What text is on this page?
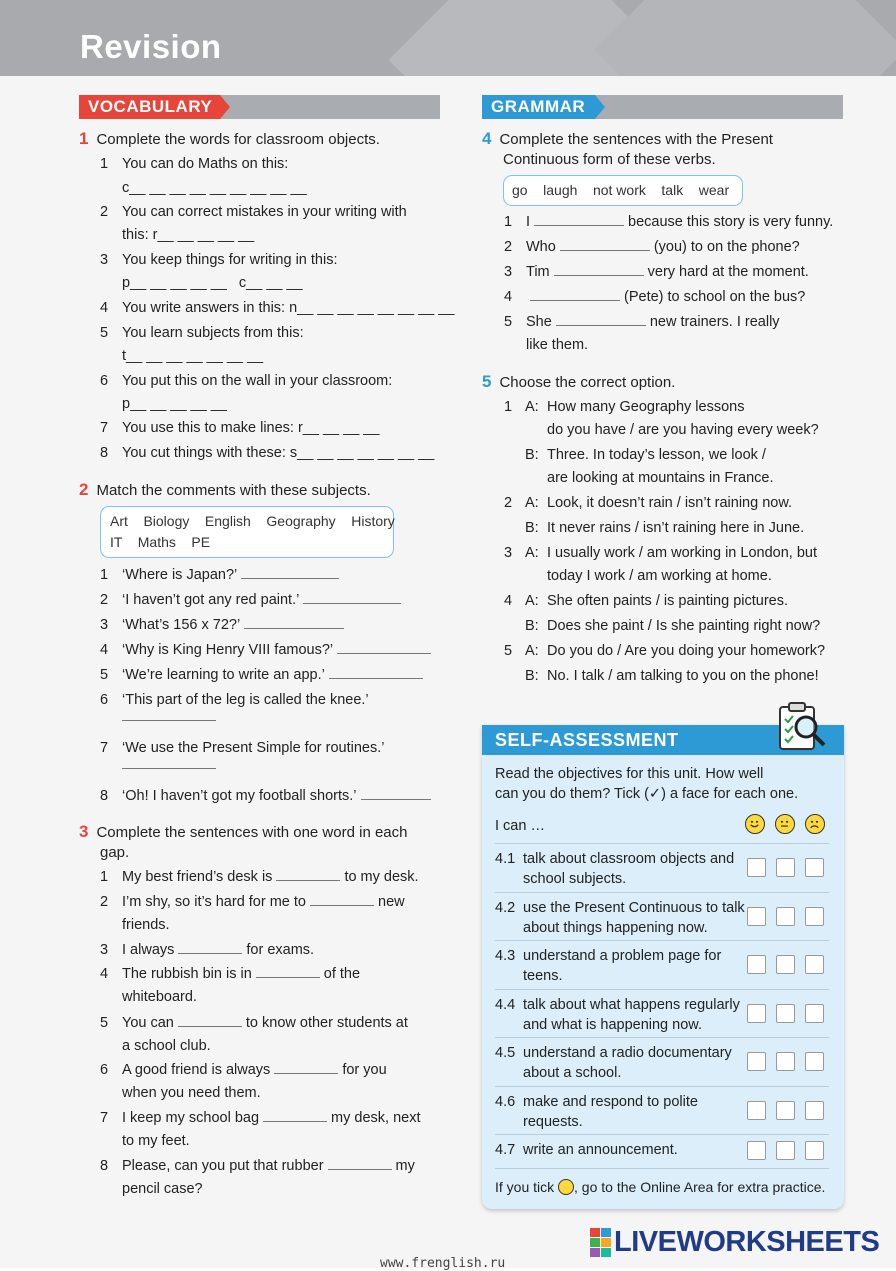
Revision
VOCABULARY
1 Complete the words for classroom objects.
1 You can do Maths on this:
c__ __ __ __ __ __ __ __ __
2 You can correct mistakes in your writing with
this: r__ __ __ __ __
3 You keep things for writing in this:
p__ __ __ __ __   c__ __ __
4 You write answers in this: n__ __ __ __ __ __ __ __
5 You learn subjects from this:
t__ __ __ __ __ __ __
6 You put this on the wall in your classroom:
p__ __ __ __ __
7 You use this to make lines: r__ __ __ __
8 You cut things with these: s__ __ __ __ __ __ __
2 Match the comments with these subjects.
Art    Biology    English    Geography    History
IT    Maths    PE
1 ‘Where is Japan?’
2 ‘I haven’t got any red paint.’
3 ‘What’s 156 x 72?’
4 ‘Why is King Henry VIII famous?’
5 ‘We’re learning to write an app.’
6 ‘This part of the leg is called the knee.’
7 ‘We use the Present Simple for routines.’
8 ‘Oh! I haven’t got my football shorts.’
3 Complete the sentences with one word in each
gap.
1 My best friend’s desk is	to my desk.
2 I’m shy, so it’s hard for me to	new
friends.
3 I always	for exams.
4 The rubbish bin is in	of the
whiteboard.
5 You can	to know other students at
a school club.
6 A good friend is always	for you
when you need them.
7 I keep my school bag	my desk, next
to my feet.
8 Please, can you put that rubber	my
pencil case?
GRAMMAR
4 Complete the sentences with the Present
Continuous form of these verbs.
go    laugh    not work    talk    wear
1 I	because this story is very funny.
2 Who	(you) to on the phone?
3 Tim	very hard at the moment.
4	(Pete) to school on the bus?
5 She	new trainers. I really
like them.
5 Choose the correct option.
1 A: How many Geography lessons
do you have / are you having every week?
B: Three. In today’s lesson, we look /
are looking at mountains in France.
2 A: Look, it doesn’t rain / isn’t raining now.
B: It never rains / isn’t raining here in June.
3 A: I usually work / am working in London, but
today I work / am working at home.
4 A: She often paints / is painting pictures.
B: Does she paint / Is she painting right now?
5 A: Do you do / Are you doing your homework?
B: No. I talk / am talking to you on the phone!
SELF-ASSESSMENT
Read the objectives for this unit. How well
can you do them? Tick (✓) a face for each one.
I can …
4.1 talk about classroom objects and
school subjects.
4.2 use the Present Continuous to talk
about things happening now.
4.3 understand a problem page for
teens.
4.4 talk about what happens regularly
and what is happening now.
4.5 understand a radio documentary
about a school.
4.6 make and respond to polite
requests.
4.7 write an announcement.
If you tick , go to the Online Area for extra practice.
LIVEWORKSHEETS
www.frenglish.ru
